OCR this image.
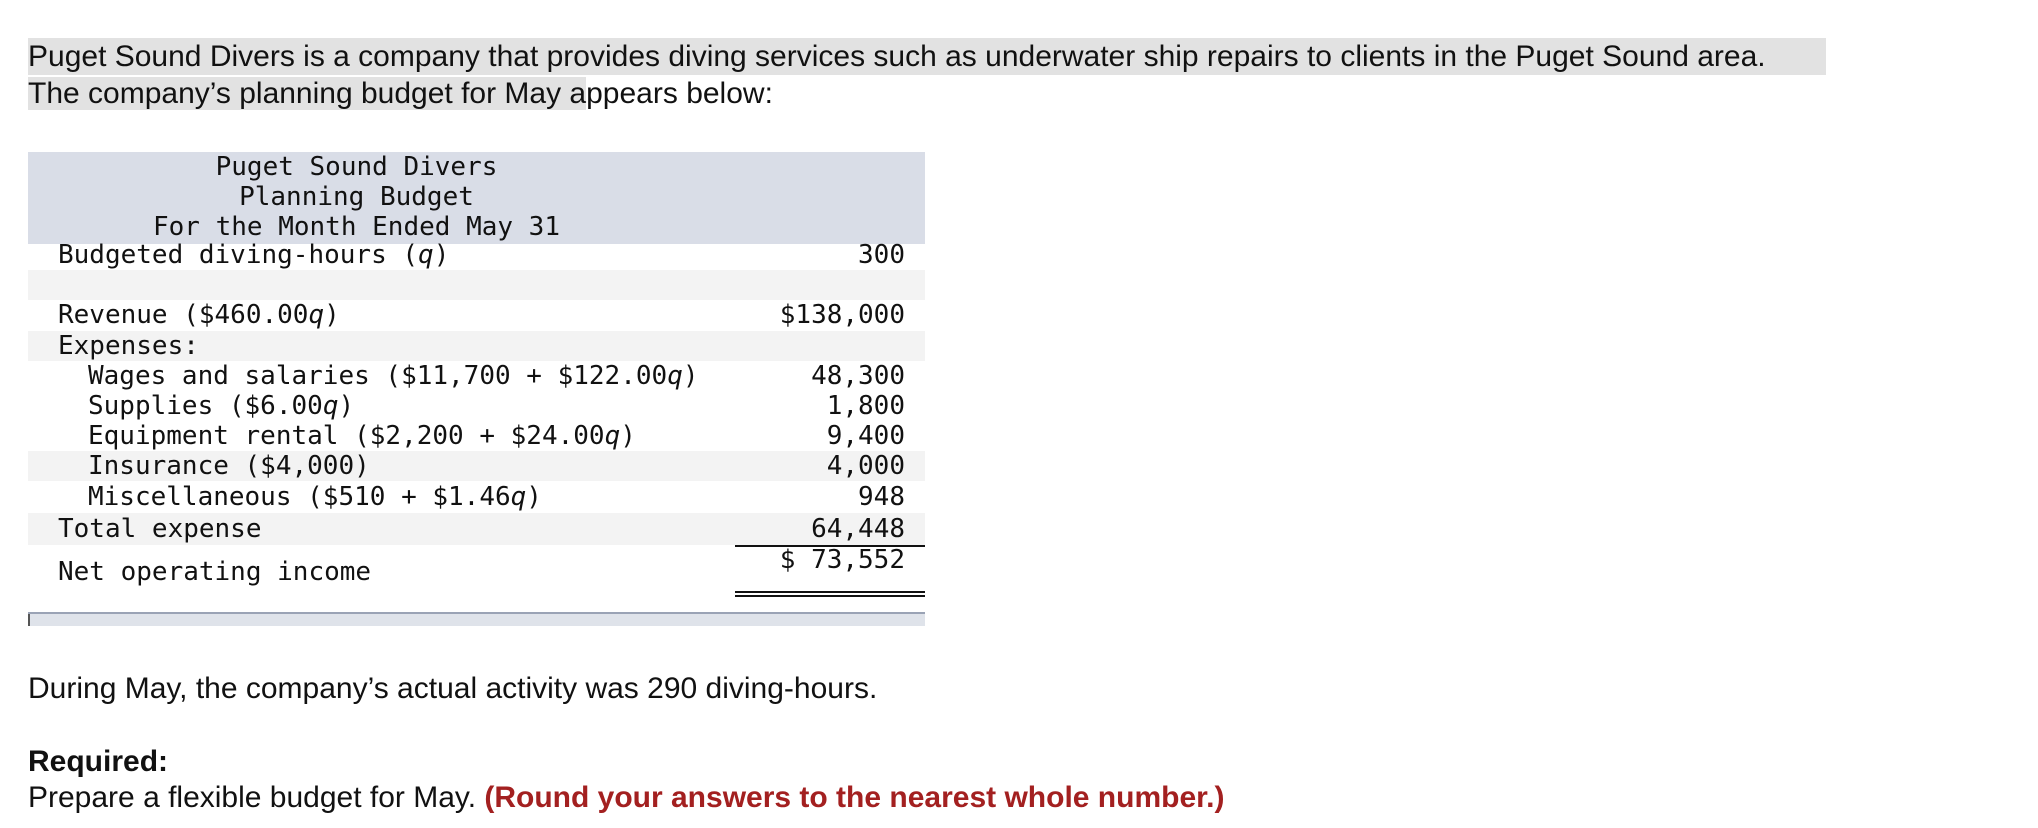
Puget Sound Divers is a company that provides diving services such as underwater ship repairs to clients in the Puget Sound area.
The company’s planning budget for May appears below:
Puget Sound Divers
Planning Budget
For the Month Ended May 31
Budgeted diving-hours (q)	300
Revenue ($460.00q)	$138,000
Expenses:
Wages and salaries ($11,700 + $122.00q)	48,300
Supplies ($6.00q)	1,800
Equipment rental ($2,200 + $24.00q)	9,400
Insurance ($4,000)	4,000
Miscellaneous ($510 + $1.46q)	948
Total expense	64,448
Net operating income	$ 73,552
During May, the company’s actual activity was 290 diving-hours.
Required:
Prepare a flexible budget for May. (Round your answers to the nearest whole number.)
